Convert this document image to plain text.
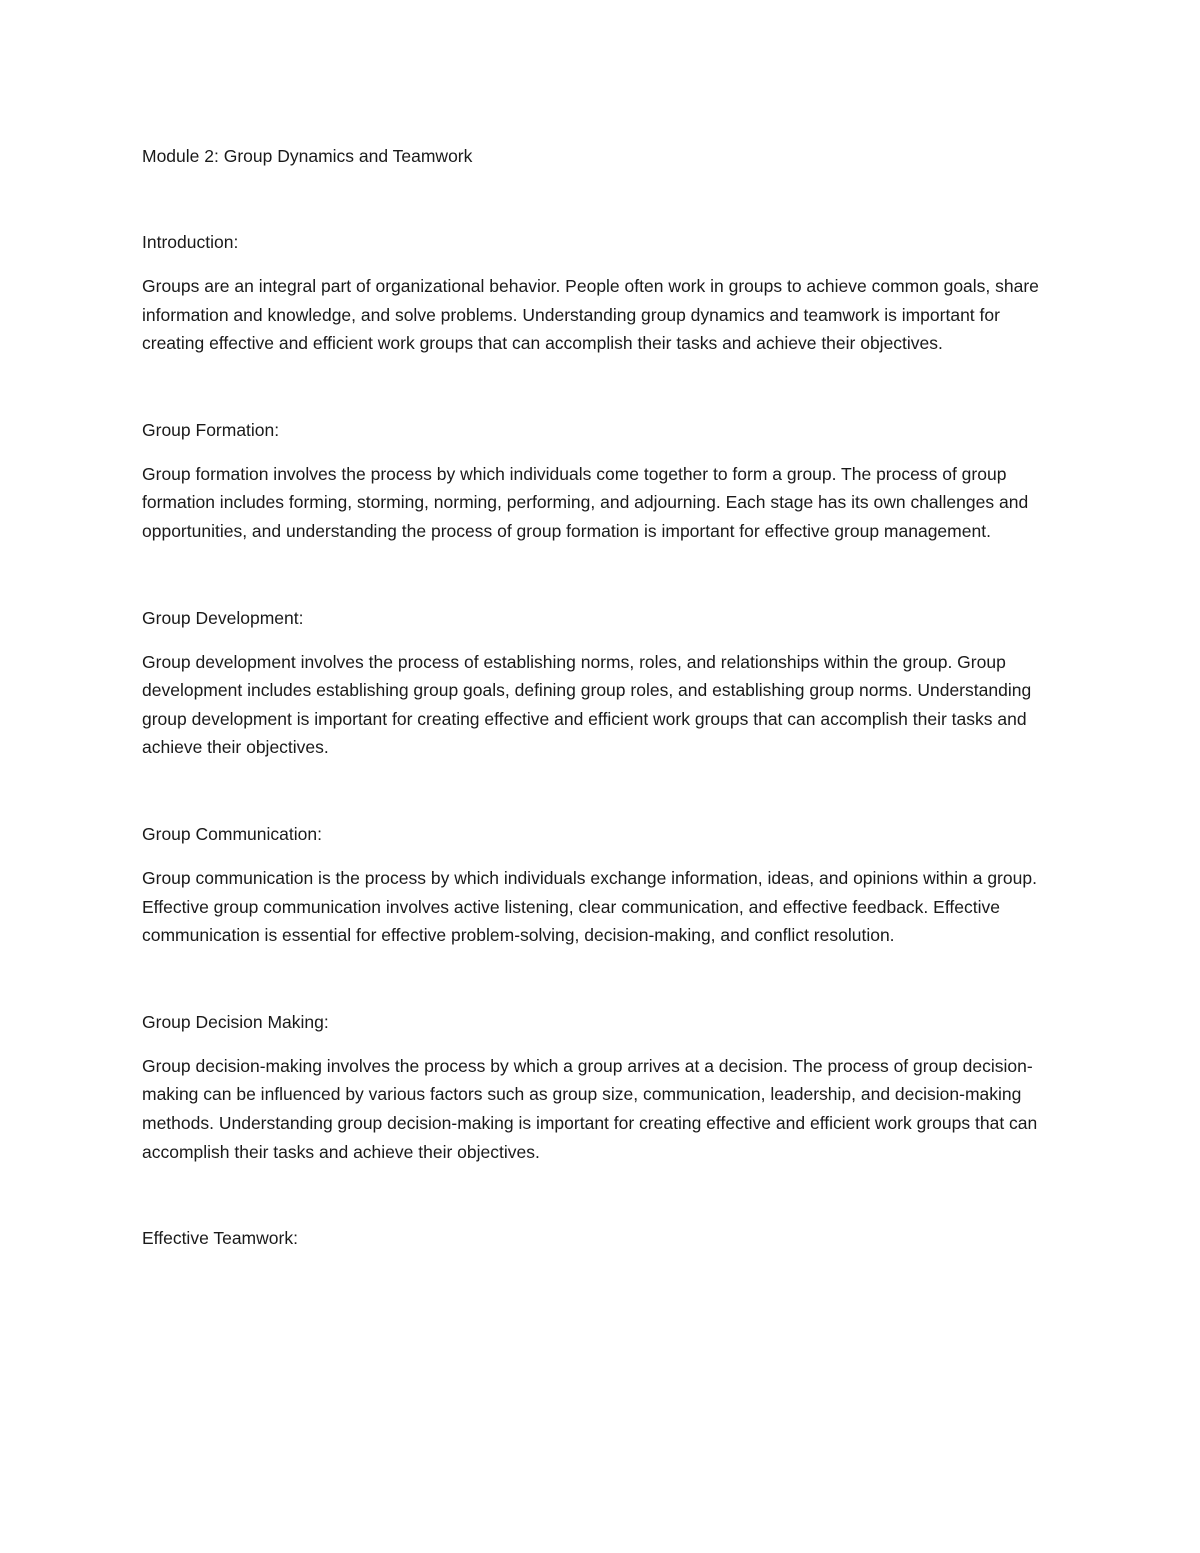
Module 2: Group Dynamics and Teamwork

Introduction:

Groups are an integral part of organizational behavior. People often work in groups to achieve common goals, share information and knowledge, and solve problems. Understanding group dynamics and teamwork is important for creating effective and efficient work groups that can accomplish their tasks and achieve their objectives.

Group Formation:

Group formation involves the process by which individuals come together to form a group. The process of group formation includes forming, storming, norming, performing, and adjourning. Each stage has its own challenges and opportunities, and understanding the process of group formation is important for effective group management.

Group Development:

Group development involves the process of establishing norms, roles, and relationships within the group. Group development includes establishing group goals, defining group roles, and establishing group norms. Understanding group development is important for creating effective and efficient work groups that can accomplish their tasks and achieve their objectives.

Group Communication:

Group communication is the process by which individuals exchange information, ideas, and opinions within a group. Effective group communication involves active listening, clear communication, and effective feedback. Effective communication is essential for effective problem-solving, decision-making, and conflict resolution.

Group Decision Making:

Group decision-making involves the process by which a group arrives at a decision. The process of group decision-making can be influenced by various factors such as group size, communication, leadership, and decision-making methods. Understanding group decision-making is important for creating effective and efficient work groups that can accomplish their tasks and achieve their objectives.

Effective Teamwork:
